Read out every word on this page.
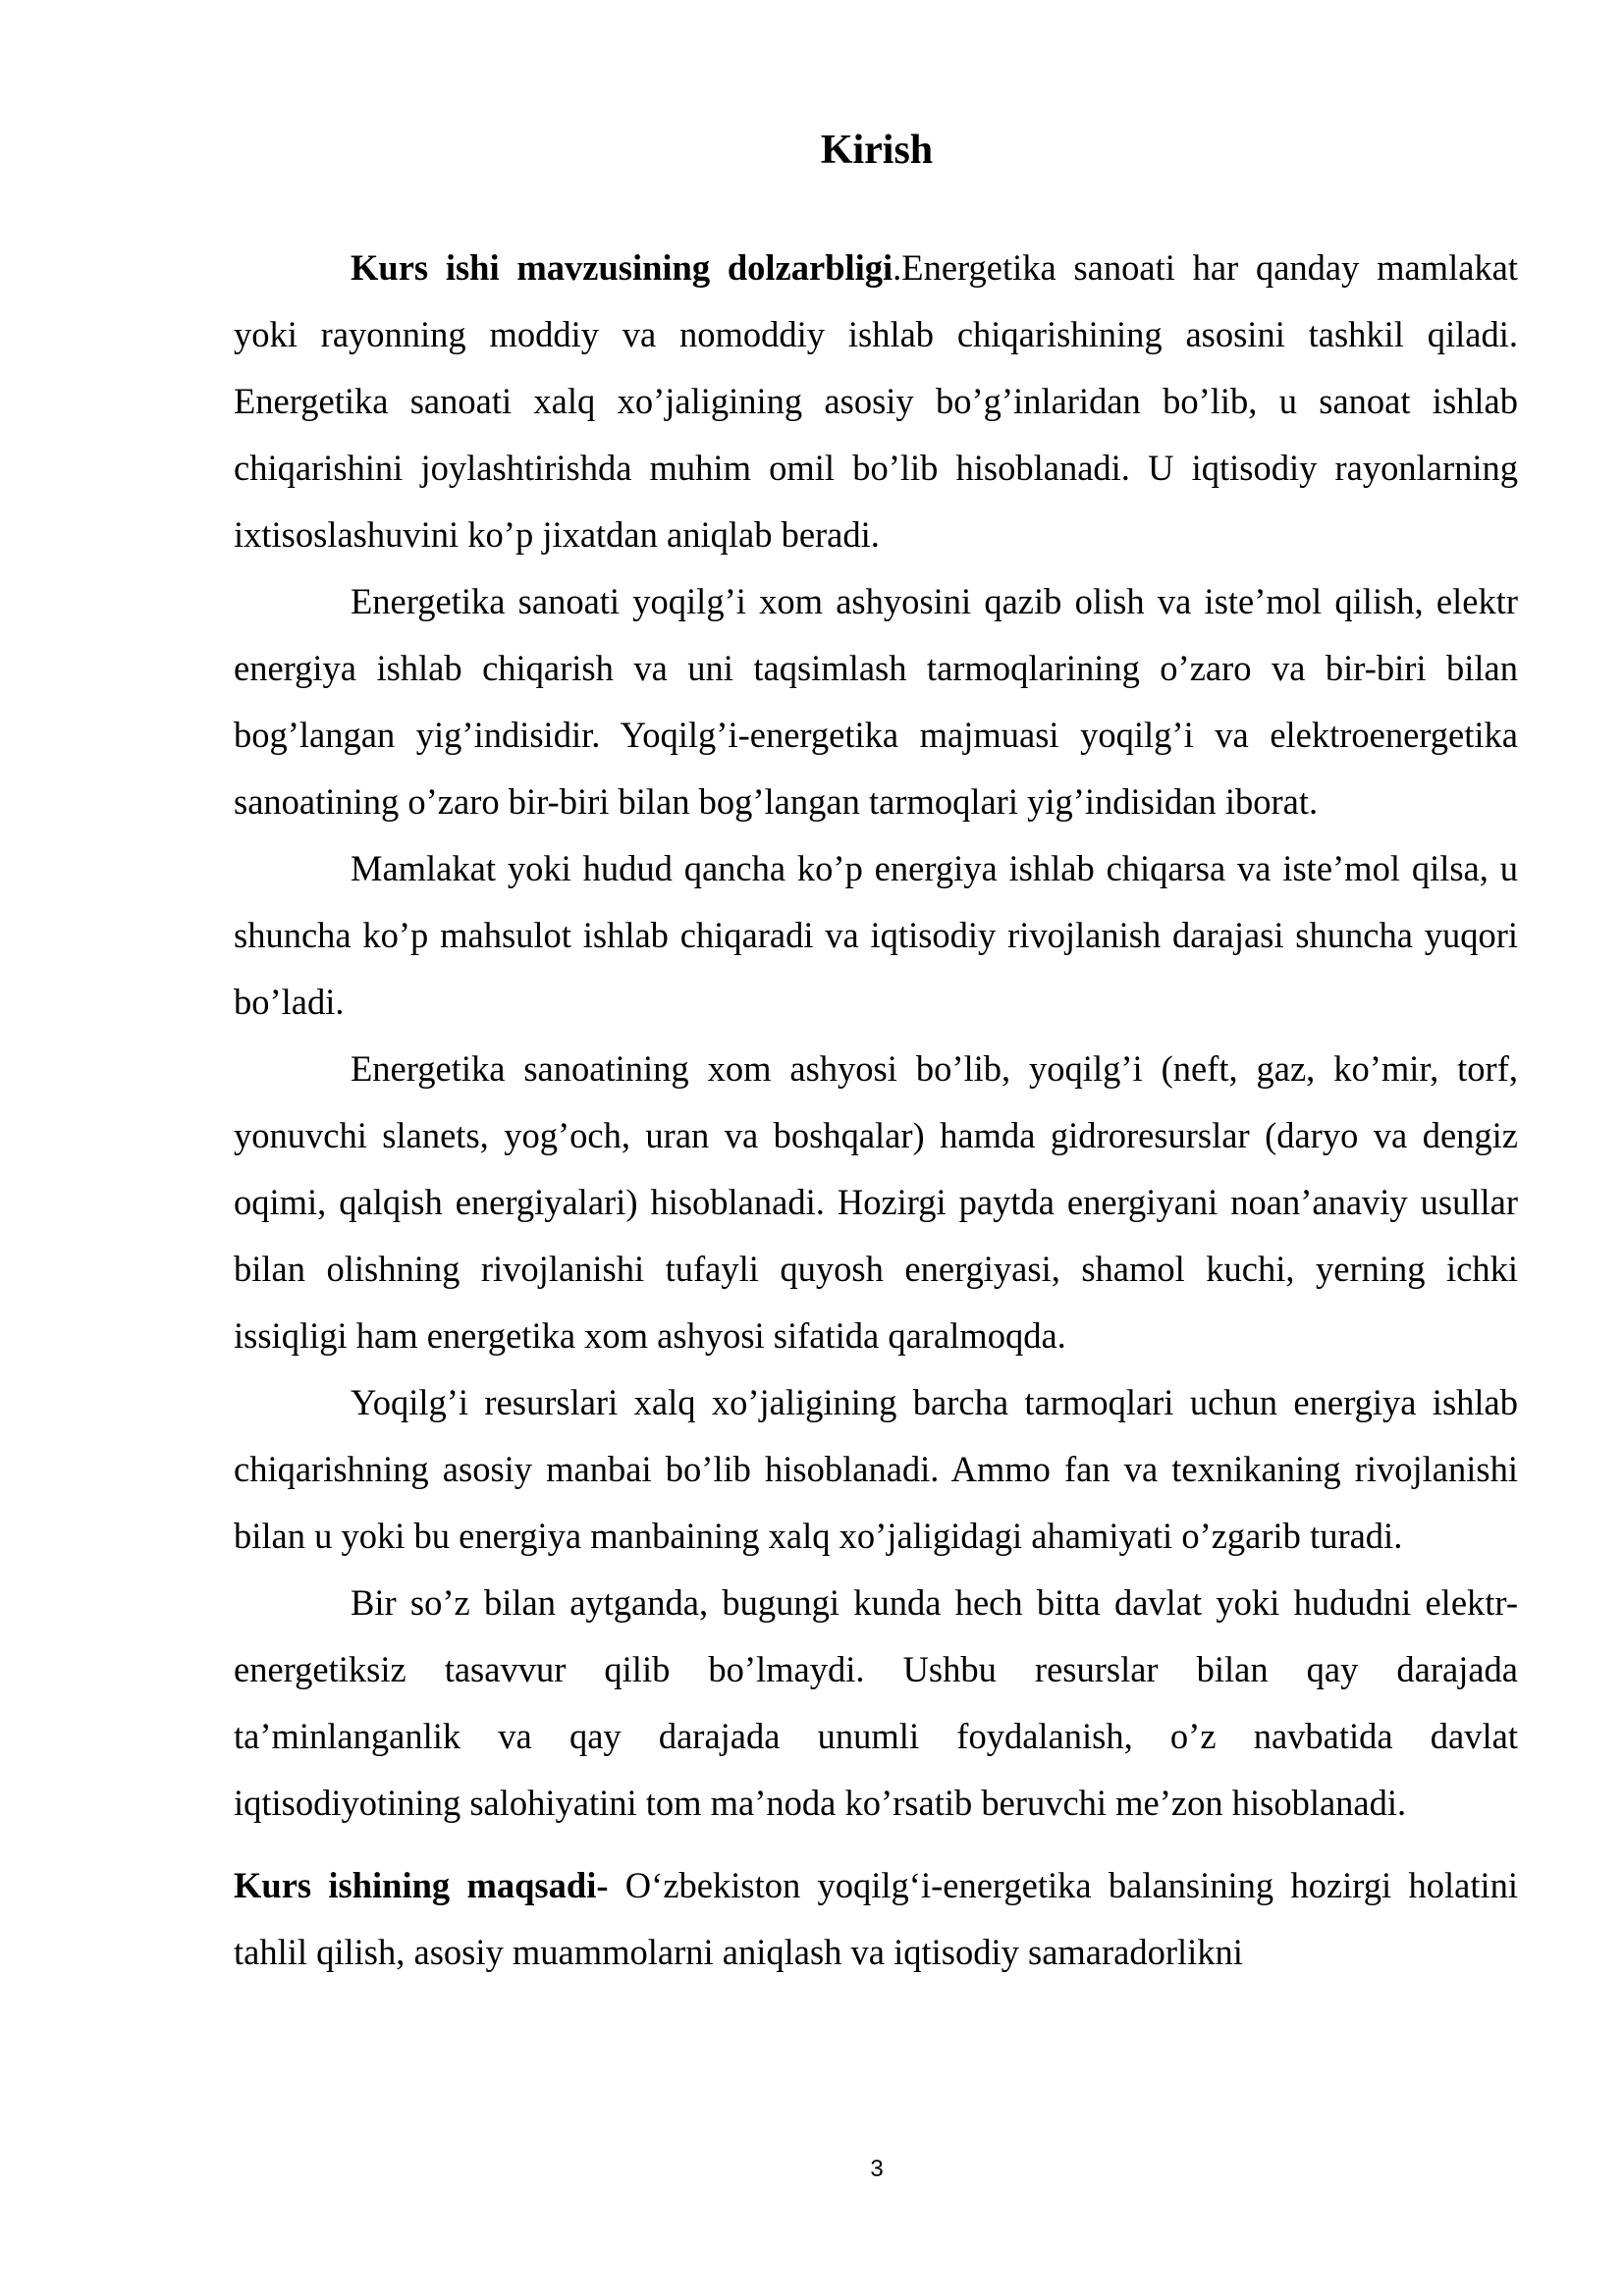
Kirish

Kurs ishi mavzusining dolzarbligi.Energetika sanoati har qanday mamlakat yoki rayonning moddiy va nomoddiy ishlab chiqarishining asosini tashkil qiladi. Energetika sanoati xalq xo’jaligining asosiy bo’g’inlaridan bo’lib, u sanoat ishlab chiqarishini joylashtirishda muhim omil bo’lib hisoblanadi. U iqtisodiy rayonlarning ixtisoslashuvini ko’p jixatdan aniqlab beradi.

Energetika sanoati yoqilg’i xom ashyosini qazib olish va iste’mol qilish, elektr energiya ishlab chiqarish va uni taqsimlash tarmoqlarining o’zaro va bir-biri bilan bog’langan yig’indisidir. Yoqilg’i-energetika majmuasi yoqilg’i va elektroenergetika sanoatining o’zaro bir-biri bilan bog’langan tarmoqlari yig’indisidan iborat.

Mamlakat yoki hudud qancha ko’p energiya ishlab chiqarsa va iste’mol qilsa, u shuncha ko’p mahsulot ishlab chiqaradi va iqtisodiy rivojlanish darajasi shuncha yuqori bo’ladi.

Energetika sanoatining xom ashyosi bo’lib, yoqilg’i (neft, gaz, ko’mir, torf, yonuvchi slanets, yog’och, uran va boshqalar) hamda gidroresurslar (daryo va dengiz oqimi, qalqish energiyalari) hisoblanadi. Hozirgi paytda energiyani noan’anaviy usullar bilan olishning rivojlanishi tufayli quyosh energiyasi, shamol kuchi, yerning ichki issiqligi ham energetika xom ashyosi sifatida qaralmoqda.

Yoqilg’i resurslari xalq xo’jaligining barcha tarmoqlari uchun energiya ishlab chiqarishning asosiy manbai bo’lib hisoblanadi. Ammo fan va texnikaning rivojlanishi bilan u yoki bu energiya manbaining xalq xo’jaligidagi ahamiyati o’zgarib turadi.

Bir so’z bilan aytganda, bugungi kunda hech bitta davlat yoki hududni elektr- energetiksiz tasavvur qilib bo’lmaydi. Ushbu resurslar bilan qay darajada ta’minlanganlik va qay darajada unumli foydalanish, o’z navbatida davlat iqtisodiyotining salohiyatini tom ma’noda ko’rsatib beruvchi me’zon hisoblanadi.

Kurs ishining maqsadi- O‘zbekiston yoqilg‘i-energetika balansining hozirgi holatini tahlil qilish, asosiy muammolarni aniqlash va iqtisodiy samaradorlikni

3
